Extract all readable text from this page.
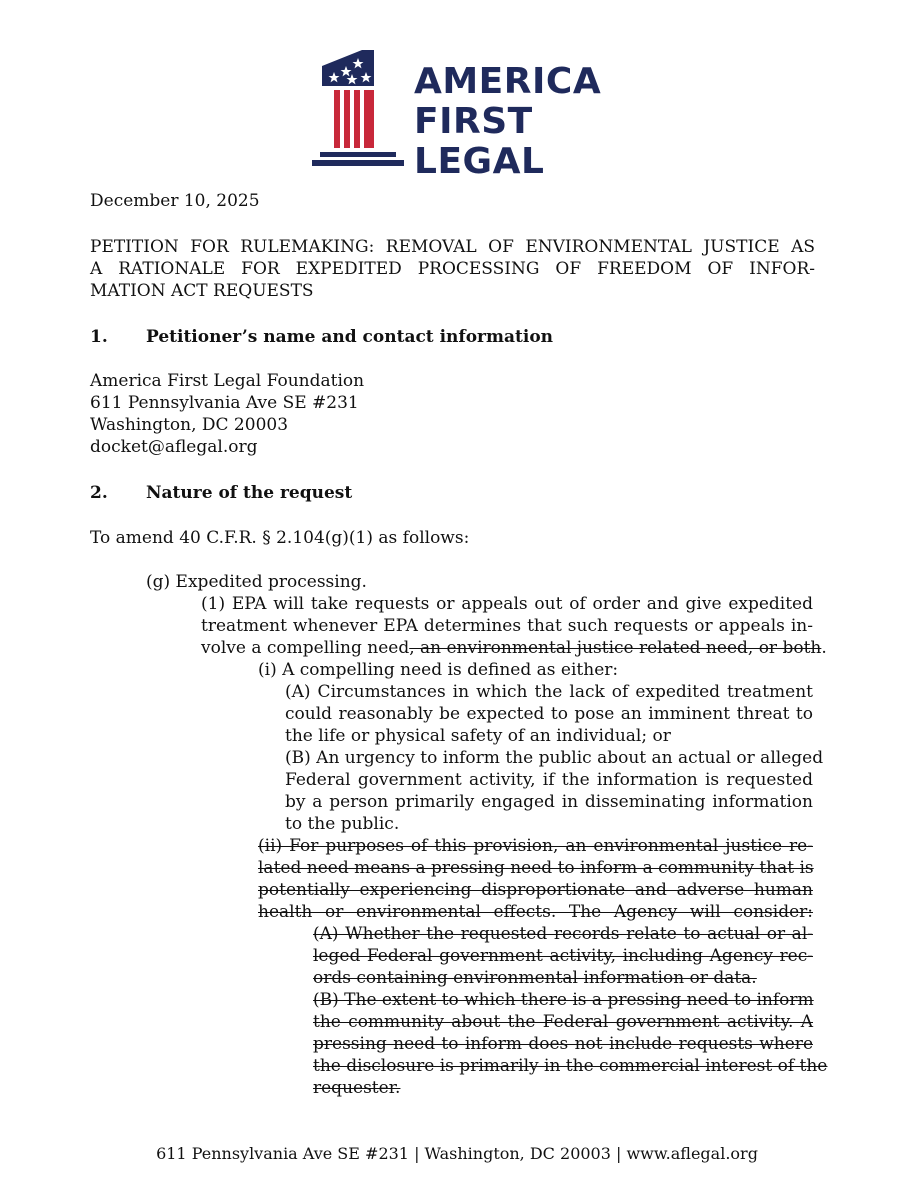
AMERICA
FIRST
LEGAL
December 10, 2025
PETITION FOR RULEMAKING: REMOVAL OF ENVIRONMENTAL JUSTICE AS
A RATIONALE FOR EXPEDITED PROCESSING OF FREEDOM OF INFOR-
MATION ACT REQUESTS
1. Petitioner’s name and contact information
America First Legal Foundation
611 Pennsylvania Ave SE #231
Washington, DC 20003
docket@aflegal.org
2. Nature of the request
To amend 40 C.F.R. § 2.104(g)(1) as follows:
(g) Expedited processing.
(1) EPA will take requests or appeals out of order and give expedited
treatment whenever EPA determines that such requests or appeals in-
volve a compelling need, an environmental justice related need, or both.
(i) A compelling need is defined as either:
(A) Circumstances in which the lack of expedited treatment
could reasonably be expected to pose an imminent threat to
the life or physical safety of an individual; or
(B) An urgency to inform the public about an actual or alleged
Federal government activity, if the information is requested
by a person primarily engaged in disseminating information
to the public.
(ii) For purposes of this provision, an environmental justice re-
lated need means a pressing need to inform a community that is
potentially experiencing disproportionate and adverse human
health or environmental effects. The Agency will consider:
(A) Whether the requested records relate to actual or al-
leged Federal government activity, including Agency rec-
ords containing environmental information or data.
(B) The extent to which there is a pressing need to inform
the community about the Federal government activity. A
pressing need to inform does not include requests where
the disclosure is primarily in the commercial interest of the
requester.
611 Pennsylvania Ave SE #231 | Washington, DC 20003 | www.aflegal.org
